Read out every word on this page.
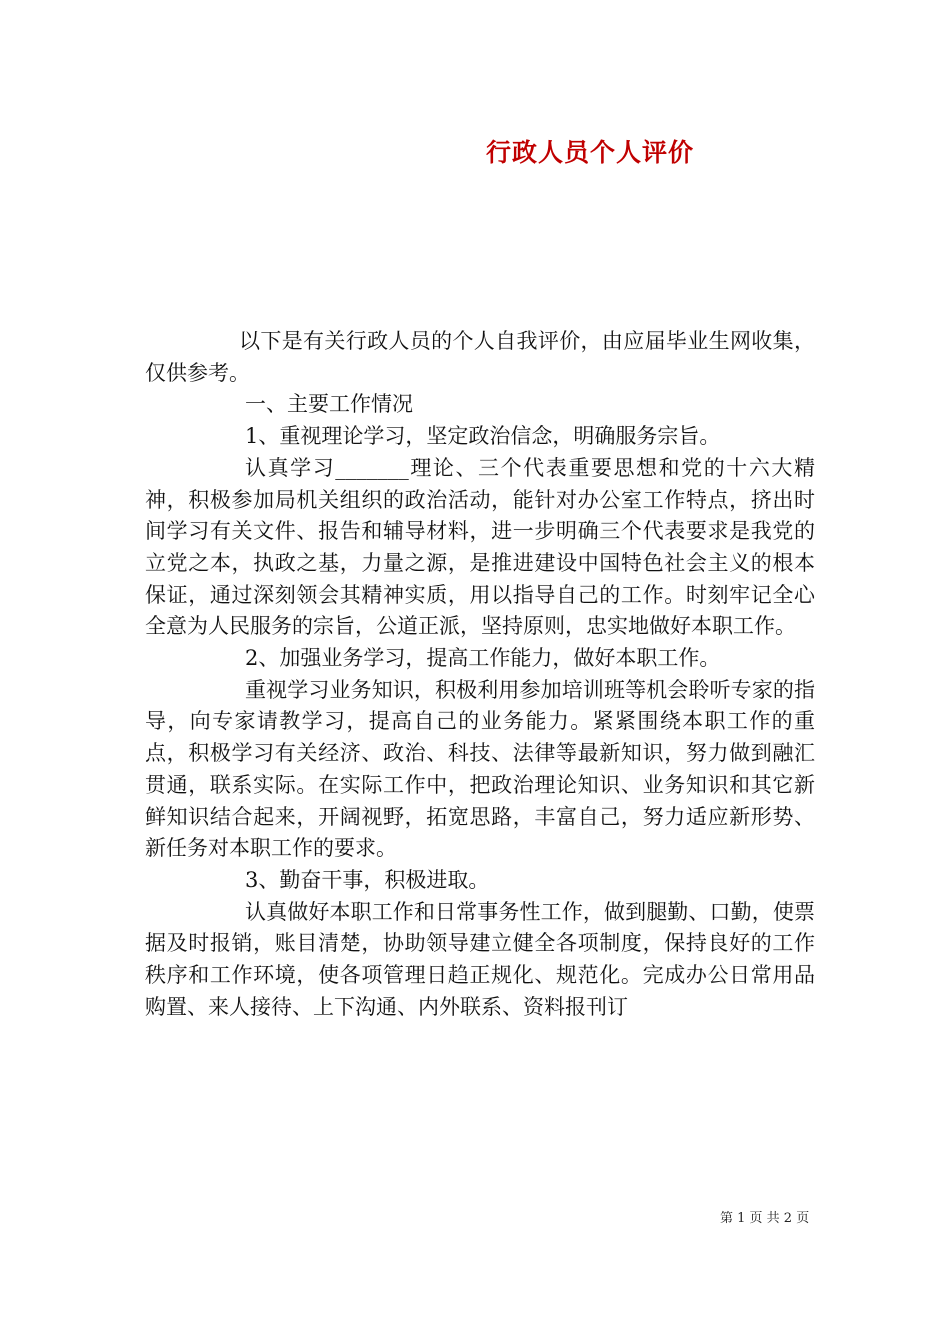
行政人员个人评价

以下是有关行政人员的个人自我评价，由应届毕业生网收集，仅供参考。

一、主要工作情况

1、重视理论学习，坚定政治信念，明确服务宗旨。

认真学习_______理论、三个代表重要思想和党的十六大精神，积极参加局机关组织的政治活动，能针对办公室工作特点，挤出时间学习有关文件、报告和辅导材料，进一步明确三个代表要求是我党的立党之本，执政之基，力量之源，是推进建设中国特色社会主义的根本保证，通过深刻领会其精神实质，用以指导自己的工作。时刻牢记全心全意为人民服务的宗旨，公道正派，坚持原则，忠实地做好本职工作。

2、加强业务学习，提高工作能力，做好本职工作。

重视学习业务知识，积极利用参加培训班等机会聆听专家的指导，向专家请教学习，提高自己的业务能力。紧紧围绕本职工作的重点，积极学习有关经济、政治、科技、法律等最新知识，努力做到融汇贯通，联系实际。在实际工作中，把政治理论知识、业务知识和其它新鲜知识结合起来，开阔视野，拓宽思路，丰富自己，努力适应新形势、新任务对本职工作的要求。

3、勤奋干事，积极进取。

认真做好本职工作和日常事务性工作，做到腿勤、口勤，使票据及时报销，账目清楚，协助领导建立健全各项制度，保持良好的工作秩序和工作环境，使各项管理日趋正规化、规范化。完成办公日常用品购置、来人接待、上下沟通、内外联系、资料报刊订

第 1 页 共 2 页
